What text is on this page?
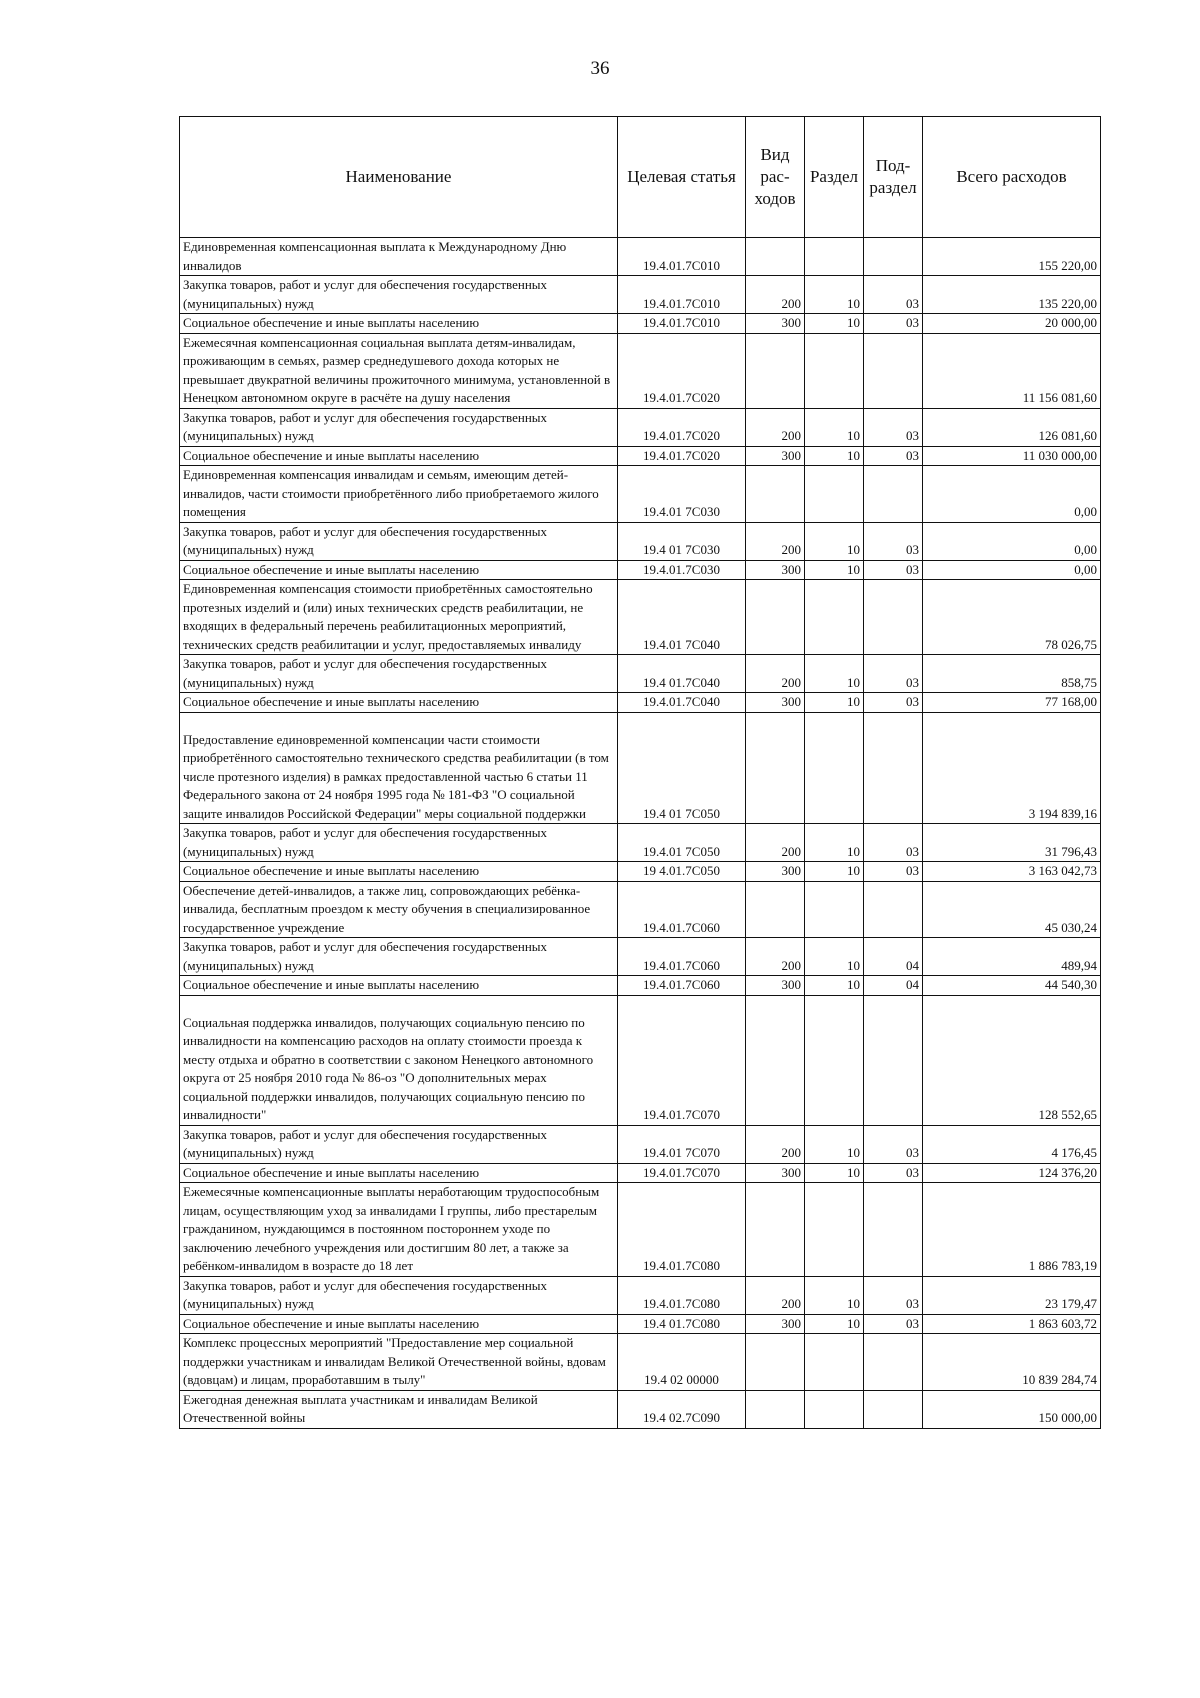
36
Наименование	Целевая статья	Вид рас- ходов	Раздел	Под- раздел	Всего расходов
Единовременная компенсационная выплата к Международному Дню инвалидов	19.4.01.7С010				155 220,00
Закупка товаров, работ и услуг для обеспечения государственных (муниципальных) нужд	19.4.01.7С010	200	10	03	135 220,00
Социальное обеспечение и иные выплаты населению	19.4.01.7С010	300	10	03	20 000,00
Ежемесячная компенсационная социальная выплата детям-инвалидам, проживающим в семьях, размер среднедушевого дохода которых не превышает двукратной величины прожиточного минимума, установленной в Ненецком автономном округе в расчёте на душу населения	19.4.01.7С020				11 156 081,60
Закупка товаров, работ и услуг для обеспечения государственных (муниципальных) нужд	19.4.01.7С020	200	10	03	126 081,60
Социальное обеспечение и иные выплаты населению	19.4.01.7С020	300	10	03	11 030 000,00
Единовременная компенсация инвалидам и семьям, имеющим детей-инвалидов, части стоимости приобретённого либо приобретаемого жилого помещения	19.4.01 7С030				0,00
Закупка товаров, работ и услуг для обеспечения государственных (муниципальных) нужд	19.4 01 7С030	200	10	03	0,00
Социальное обеспечение и иные выплаты населению	19.4.01.7С030	300	10	03	0,00
Единовременная компенсация стоимости приобретённых самостоятельно протезных изделий и (или) иных технических средств реабилитации, не входящих в федеральный перечень реабилитационных мероприятий, технических средств реабилитации и услуг, предоставляемых инвалиду	19.4.01 7С040				78 026,75
Закупка товаров, работ и услуг для обеспечения государственных (муниципальных) нужд	19.4 01.7С040	200	10	03	858,75
Социальное обеспечение и иные выплаты населению	19.4.01.7С040	300	10	03	77 168,00
Предоставление единовременной компенсации части стоимости приобретённого самостоятельно технического средства реабилитации (в том числе протезного изделия) в рамках предоставленной частью 6 статьи 11 Федерального закона от 24 ноября 1995 года № 181-ФЗ "О социальной защите инвалидов Российской Федерации" меры социальной поддержки	19.4 01 7С050				3 194 839,16
Закупка товаров, работ и услуг для обеспечения государственных (муниципальных) нужд	19.4.01 7С050	200	10	03	31 796,43
Социальное обеспечение и иные выплаты населению	19 4.01.7С050	300	10	03	3 163 042,73
Обеспечение детей-инвалидов, а также лиц, сопровождающих ребёнка-инвалида, бесплатным проездом к месту обучения в специализированное государственное учреждение	19.4.01.7С060				45 030,24
Закупка товаров, работ и услуг для обеспечения государственных (муниципальных) нужд	19.4.01.7С060	200	10	04	489,94
Социальное обеспечение и иные выплаты населению	19.4.01.7С060	300	10	04	44 540,30
Социальная поддержка инвалидов, получающих социальную пенсию по инвалидности на компенсацию расходов на оплату стоимости проезда к месту отдыха и обратно в соответствии с законом Ненецкого автономного округа от 25 ноября 2010 года № 86-оз "О дополнительных мерах социальной поддержки инвалидов, получающих социальную пенсию по инвалидности"	19.4.01.7С070				128 552,65
Закупка товаров, работ и услуг для обеспечения государственных (муниципальных) нужд	19.4.01 7С070	200	10	03	4 176,45
Социальное обеспечение и иные выплаты населению	19.4.01.7С070	300	10	03	124 376,20
Ежемесячные компенсационные выплаты неработающим трудоспособным лицам, осуществляющим уход за инвалидами I группы, либо престарелым гражданином, нуждающимся в постоянном постороннем уходе по заключению лечебного учреждения или достигшим 80 лет, а также за ребёнком-инвалидом в возрасте до 18 лет	19.4.01.7С080				1 886 783,19
Закупка товаров, работ и услуг для обеспечения государственных (муниципальных) нужд	19.4.01.7С080	200	10	03	23 179,47
Социальное обеспечение и иные выплаты населению	19.4 01.7С080	300	10	03	1 863 603,72
Комплекс процессных мероприятий "Предоставление мер социальной поддержки участникам и инвалидам Великой Отечественной войны, вдовам (вдовцам) и лицам, проработавшим в тылу"	19.4 02 00000				10 839 284,74
Ежегодная денежная выплата участникам и инвалидам Великой Отечественной войны	19.4 02.7С090				150 000,00
